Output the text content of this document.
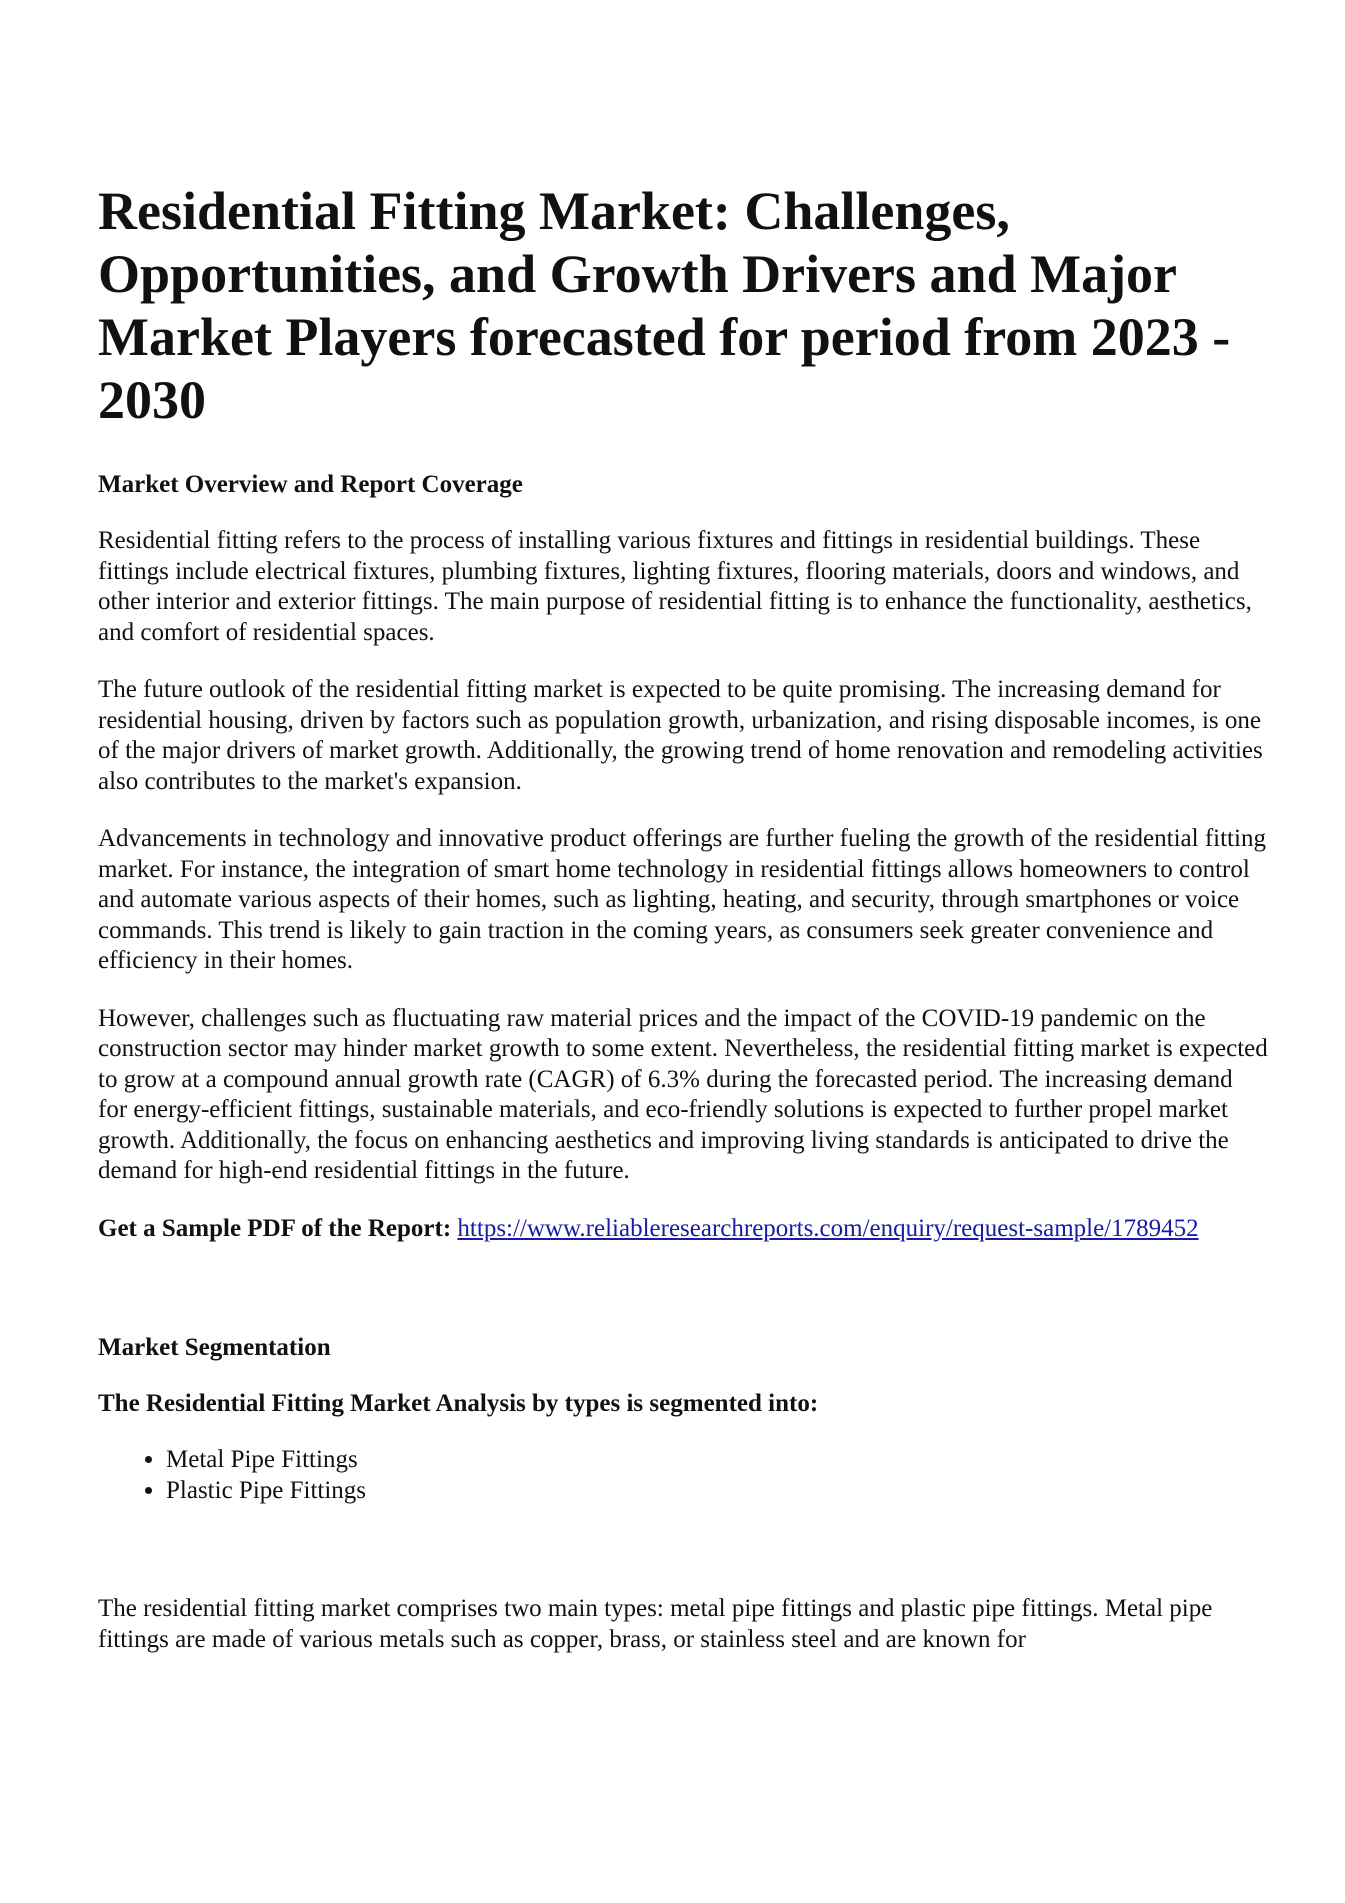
Residential Fitting Market: Challenges, Opportunities, and Growth Drivers and Major Market Players forecasted for period from 2023 - 2030
Market Overview and Report Coverage

Residential fitting refers to the process of installing various fixtures and fittings in residential buildings. These fittings include electrical fixtures, plumbing fixtures, lighting fixtures, flooring materials, doors and windows, and other interior and exterior fittings. The main purpose of residential fitting is to enhance the functionality, aesthetics, and comfort of residential spaces.

The future outlook of the residential fitting market is expected to be quite promising. The increasing demand for residential housing, driven by factors such as population growth, urbanization, and rising disposable incomes, is one of the major drivers of market growth. Additionally, the growing trend of home renovation and remodeling activities also contributes to the market's expansion.

Advancements in technology and innovative product offerings are further fueling the growth of the residential fitting market. For instance, the integration of smart home technology in residential fittings allows homeowners to control and automate various aspects of their homes, such as lighting, heating, and security, through smartphones or voice commands. This trend is likely to gain traction in the coming years, as consumers seek greater convenience and efficiency in their homes.

However, challenges such as fluctuating raw material prices and the impact of the COVID-19 pandemic on the construction sector may hinder market growth to some extent. Nevertheless, the residential fitting market is expected to grow at a compound annual growth rate (CAGR) of 6.3% during the forecasted period. The increasing demand for energy-efficient fittings, sustainable materials, and eco-friendly solutions is expected to further propel market growth. Additionally, the focus on enhancing aesthetics and improving living standards is anticipated to drive the demand for high-end residential fittings in the future.

Get a Sample PDF of the Report: https://www.reliableresearchreports.com/enquiry/request-sample/1789452

Market Segmentation
The Residential Fitting Market Analysis by types is segmented into:
• Metal Pipe Fittings
• Plastic Pipe Fittings

The residential fitting market comprises two main types: metal pipe fittings and plastic pipe fittings. Metal pipe fittings are made of various metals such as copper, brass, or stainless steel and are known for
